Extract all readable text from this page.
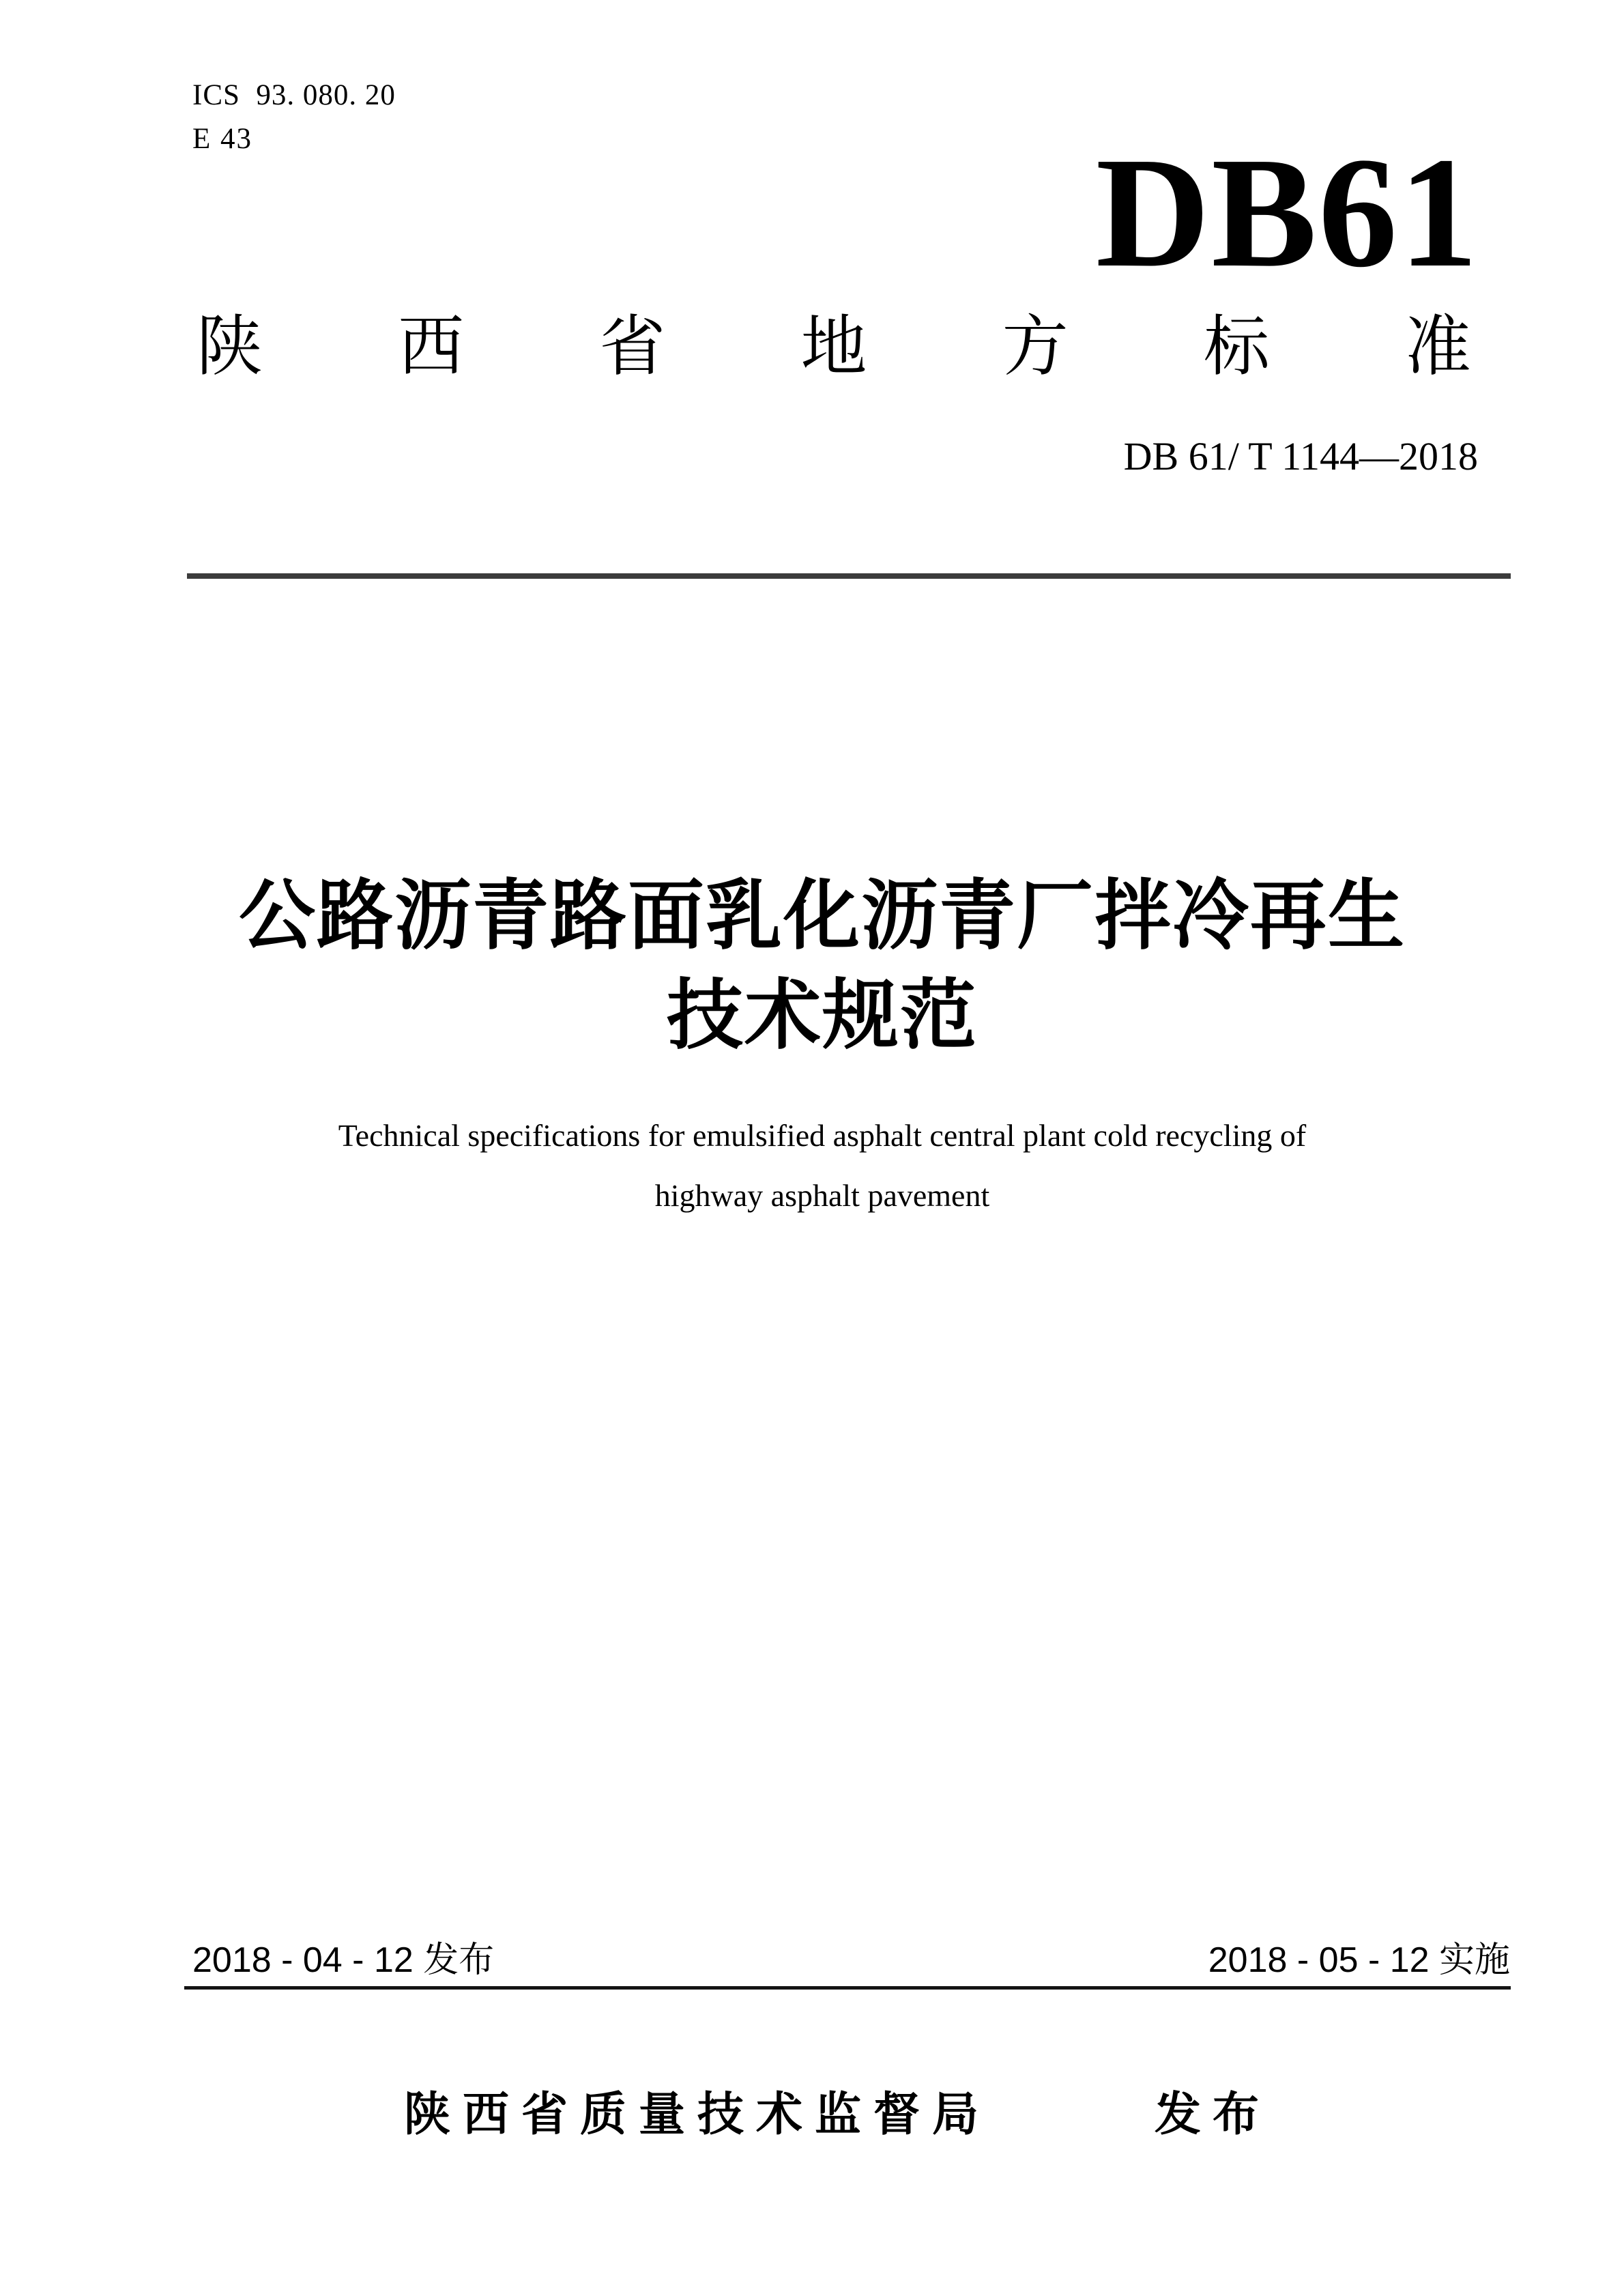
ICS  93. 080. 20
E 43	DB61
陕 西 省 地 方 标 准
DB 61/ T 1144—2018
公路沥青路面乳化沥青厂拌冷再生
技术规范
Technical specifications for emulsified asphalt central plant cold recycling of
highway asphalt pavement
2018 - 04 - 12 发布	2018 - 05 - 12 实施
陕西省质量技术监督局	发 布
